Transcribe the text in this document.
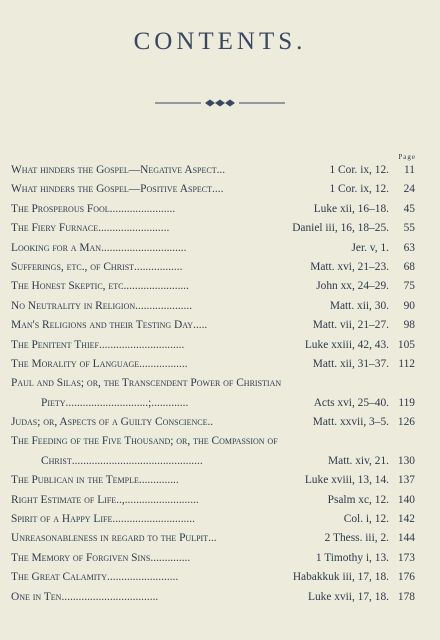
CONTENTS.
Page
What hinders the Gospel—Negative Aspect...	1 Cor. ix, 12.	11
What hinders the Gospel—Positive Aspect....	1 Cor. ix, 12.	24
The Prosperous Fool.......................	Luke xii, 16–18.	45
The Fiery Furnace.........................	Daniel iii, 16, 18–25.	55
Looking for a Man..............................	Jer. v, 1.	63
Sufferings, etc., of Christ.................	Matt. xvi, 21–23.	68
The Honest Skeptic, etc.......................	John xx, 24–29.	75
No Neutrality in Religion....................	Matt. xii, 30.	90
Man's Religions and their Testing Day.....	Matt. vii, 21–27.	98
The Penitent Thief..............................	Luke xxiii, 42, 43. 105
The Morality of Language.................	Matt. xii, 31–37. 112
Paul and Silas; or, the Transcendent Power of Christian
Piety.............................;.............	Acts xvi, 25–40. 119
Judas; or, Aspects of a Guilty Conscience..	Matt. xxvii, 3–5. 126
The Feeding of the Five Thousand; or, the Compassion of
Christ..............................................	Matt. xiv, 21. 130
The Publican in the Temple..............	Luke xviii, 13, 14. 137
Right Estimate of Life..,..........................	Psalm xc, 12. 140
Spirit of a Happy Life.............................	Col. i, 12. 142
Unreasonableness in regard to the Pulpit...	2 Thess. iii, 2. 144
The Memory of Forgiven Sins..............	1 Timothy i, 13. 173
The Great Calamity.........................	Habakkuk iii, 17, 18. 176
One in Ten..................................	Luke xvii, 17, 18. 178
